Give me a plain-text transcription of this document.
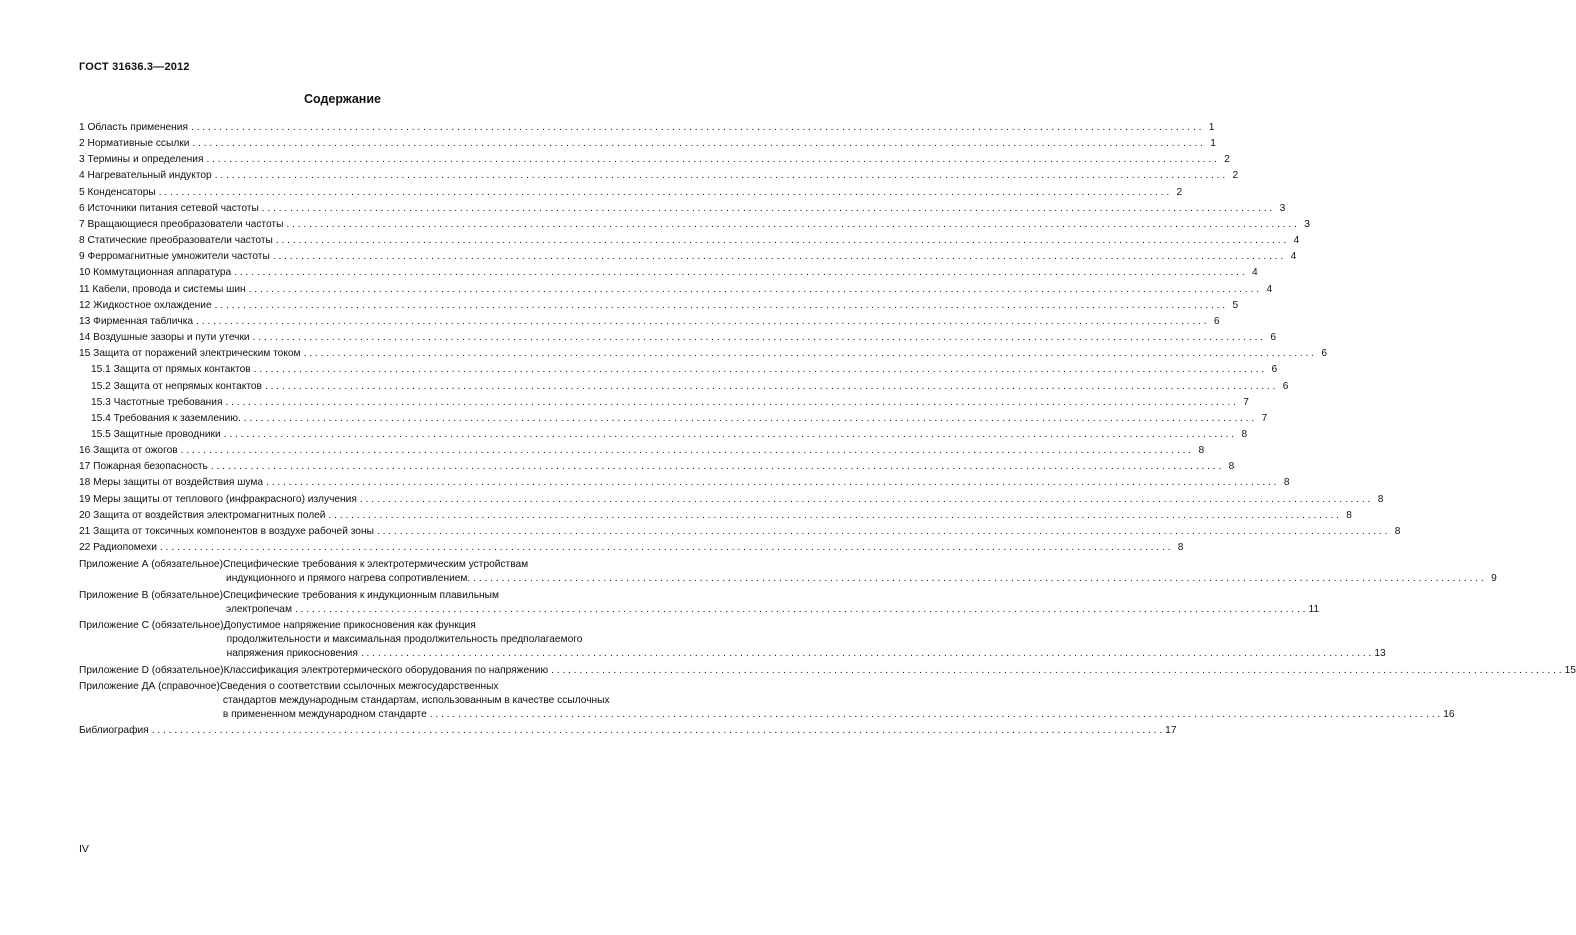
ГОСТ 31636.3—2012
Содержание
1 Область применения . . .	1
2 Нормативные ссылки . . .	1
3 Термины и определения . . .	2
4 Нагревательный индуктор . . .	2
5 Конденсаторы . . .	2
6 Источники питания сетевой частоты . . .	3
7 Вращающиеся преобразователи частоты . . .	3
8 Статические преобразователи частоты . . .	4
9 Ферромагнитные умножители частоты . . .	4
10 Коммутационная аппаратура . . .	4
11 Кабели, провода и системы шин . . .	4
12 Жидкостное охлаждение . . .	5
13 Фирменная табличка . . .	6
14 Воздушные зазоры и пути утечки . . .	6
15 Защита от поражений электрическим током . . .	6
15.1 Защита от прямых контактов . . .	6
15.2 Защита от непрямых контактов . . .	6
15.3 Частотные требования . . .	7
15.4 Требования к заземлению. . . .	7
15.5 Защитные проводники . . .	8
16 Защита от ожогов . . .	8
17 Пожарная безопасность . . .	8
18 Меры защиты от воздействия шума . . .	8
19 Меры защиты от теплового (инфракрасного) излучения . . .	8
20 Защита от воздействия электромагнитных полей . . .	8
21 Защита от токсичных компонентов в воздухе рабочей зоны . . .	8
22 Радиопомехи . . .	8
Приложение А (обязательное) Специфические требования к электротермическим устройствам
индукционного и прямого нагрева сопротивлением. . . .	9
Приложение В (обязательное) Специфические требования к индукционным плавильным
электропечам . . .	11
Приложение С (обязательное) Допустимое напряжение прикосновения как функция
продолжительности и максимальная продолжительность предполагаемого
напряжения прикосновения . . .	13
Приложение D (обязательное) Классификация электротермического оборудования по напряжению . . .	15
Приложение ДА (справочное) Сведения о соответствии ссылочных межгосударственных
стандартов международным стандартам, использованным в качестве ссылочных
в примененном международном стандарте . . .	16
Библиография . . .	17
IV
